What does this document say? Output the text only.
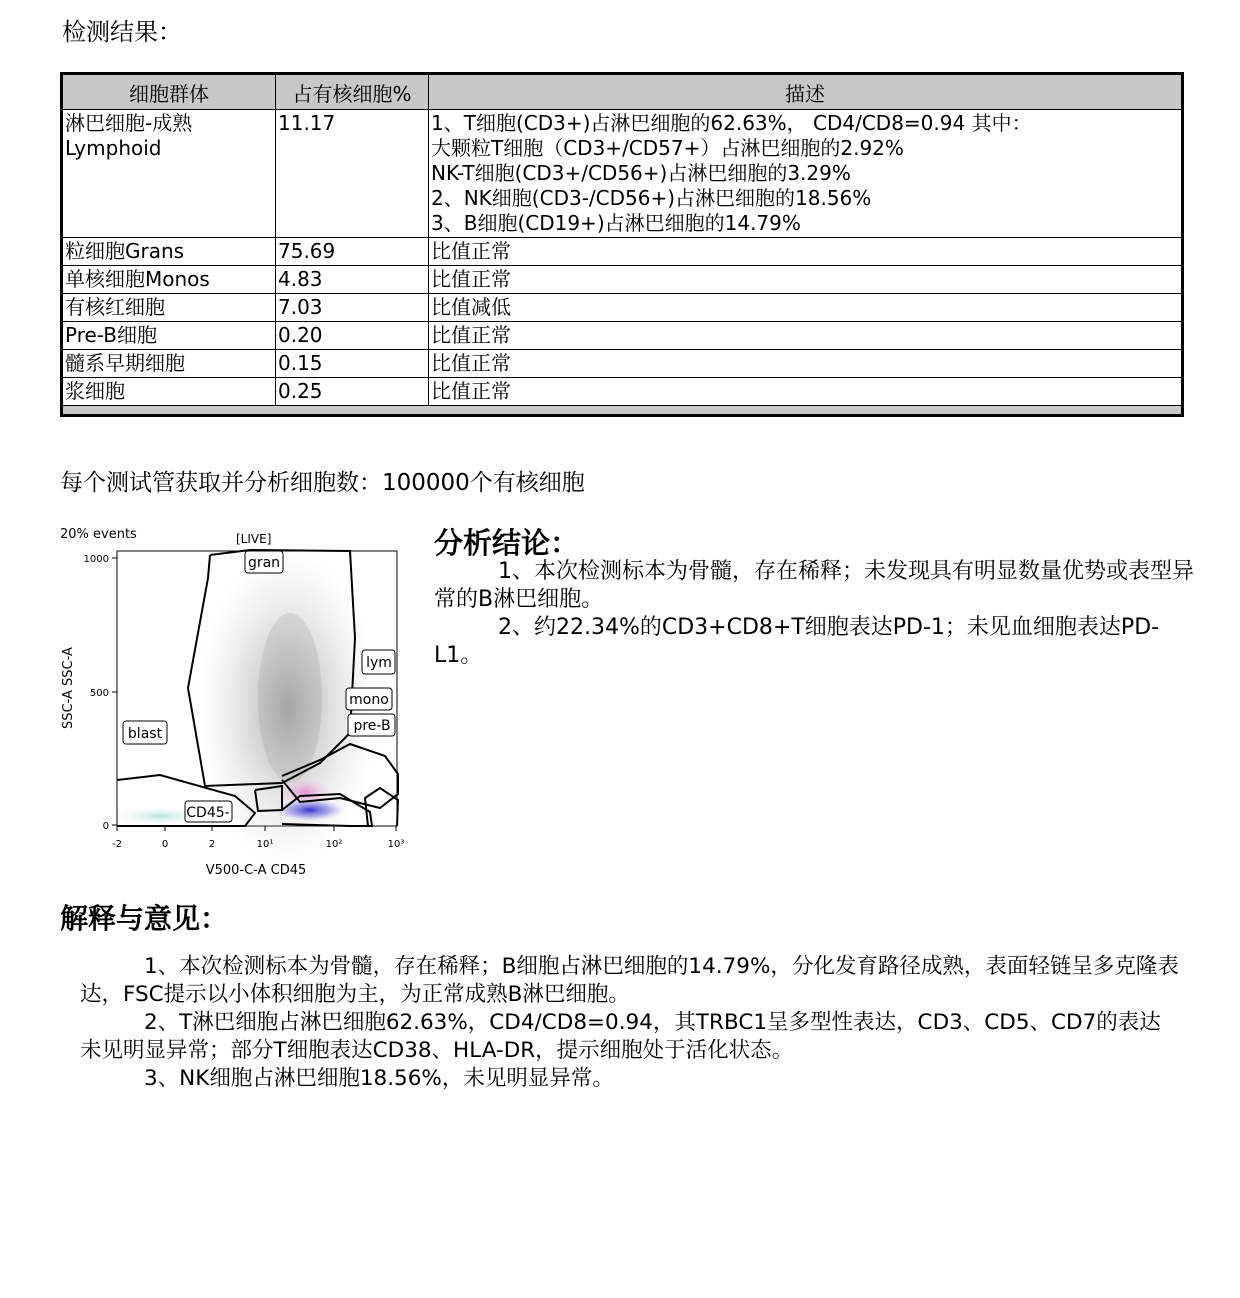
检测结果：
细胞群体	占有核细胞%	描述

淋巴细胞-成熟
Lymphoid	11.17	1、T细胞(CD3+)占淋巴细胞的62.63%， CD4/CD8=0.94 其中：
大颗粒T细胞（CD3+/CD57+）占淋巴细胞的2.92%
NK-T细胞(CD3+/CD56+)占淋巴细胞的3.29%
2、NK细胞(CD3-/CD56+)占淋巴细胞的18.56%
3、B细胞(CD19+)占淋巴细胞的14.79%

粒细胞Grans	75.69	比值正常
单核细胞Monos	4.83	比值正常
有核红细胞	7.03	比值减低
Pre-B细胞	0.20	比值正常
髓系早期细胞	0.15	比值正常
浆细胞	0.25	比值正常

每个测试管获取并分析细胞数：100000个有核细胞
20% events	[LIVE]
gran
lym
mono
pre-B
blast
CD45-
1000
500
0
SSC-A SSC-A
-2	0	2	10¹	10²	10³
V500-C-A CD45
分析结论：
1、本次检测标本为骨髓，存在稀释；未发现具有明显数量优势或表型异常的B淋巴细胞。
2、约22.34%的CD3+CD8+T细胞表达PD-1；未见血细胞表达PD-L1。
解释与意见：
1、本次检测标本为骨髓，存在稀释；B细胞占淋巴细胞的14.79%，分化发育路径成熟，表面轻链呈多克隆表达，FSC提示以小体积细胞为主，为正常成熟B淋巴细胞。
2、T淋巴细胞占淋巴细胞62.63%，CD4/CD8=0.94，其TRBC1呈多型性表达，CD3、CD5、CD7的表达未见明显异常；部分T细胞表达CD38、HLA-DR，提示细胞处于活化状态。
3、NK细胞占淋巴细胞18.56%，未见明显异常。
